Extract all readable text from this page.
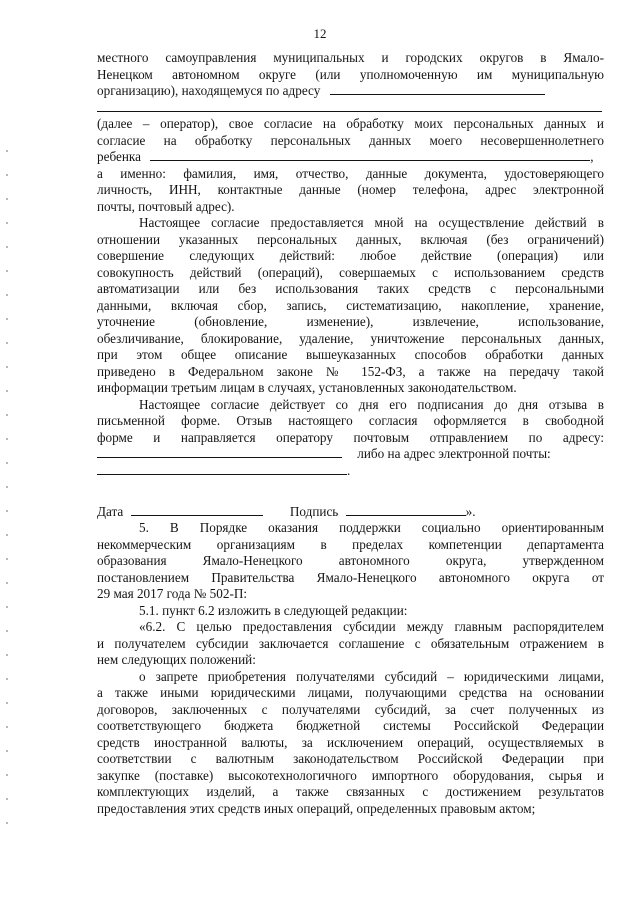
12
местного самоуправления муниципальных и городских округов в Ямало-
Ненецком автономном округе (или уполномоченную им муниципальную
организацию), находящемуся по адресу
(далее – оператор), свое согласие на обработку моих персональных данных и
согласие на обработку персональных данных моего несовершеннолетнего
ребенка	,
а именно: фамилия, имя, отчество, данные документа, удостоверяющего
личность, ИНН, контактные данные (номер телефона, адрес электронной
почты, почтовый адрес).
Настоящее согласие предоставляется мной на осуществление действий в
отношении указанных персональных данных, включая (без ограничений)
совершение следующих действий: любое действие (операция) или
совокупность действий (операций), совершаемых с использованием средств
автоматизации или без использования таких средств с персональными
данными, включая сбор, запись, систематизацию, накопление, хранение,
уточнение (обновление, изменение), извлечение, использование,
обезличивание, блокирование, удаление, уничтожение персональных данных,
при этом общее описание вышеуказанных способов обработки данных
приведено в Федеральном законе № 152-ФЗ, а также на передачу такой
информации третьим лицам в случаях, установленных законодательством.
Настоящее согласие действует со дня его подписания до дня отзыва в
письменной форме. Отзыв настоящего согласия оформляется в свободной
форме и направляется оператору почтовым отправлением по адресу:
либо на адрес электронной почты:
.
Дата	Подпись	».
5. В Порядке оказания поддержки социально ориентированным
некоммерческим организациям в пределах компетенции департамента
образования Ямало-Ненецкого автономного округа, утвержденном
постановлением Правительства Ямало-Ненецкого автономного округа от
29 мая 2017 года № 502-П:
5.1. пункт 6.2 изложить в следующей редакции:
«6.2. С целью предоставления субсидии между главным распорядителем
и получателем субсидии заключается соглашение с обязательным отражением в
нем следующих положений:
о запрете приобретения получателями субсидий – юридическими лицами,
а также иными юридическими лицами, получающими средства на основании
договоров, заключенных с получателями субсидий, за счет полученных из
соответствующего бюджета бюджетной системы Российской Федерации
средств иностранной валюты, за исключением операций, осуществляемых в
соответствии с валютным законодательством Российской Федерации при
закупке (поставке) высокотехнологичного импортного оборудования, сырья и
комплектующих изделий, а также связанных с достижением результатов
предоставления этих средств иных операций, определенных правовым актом;
